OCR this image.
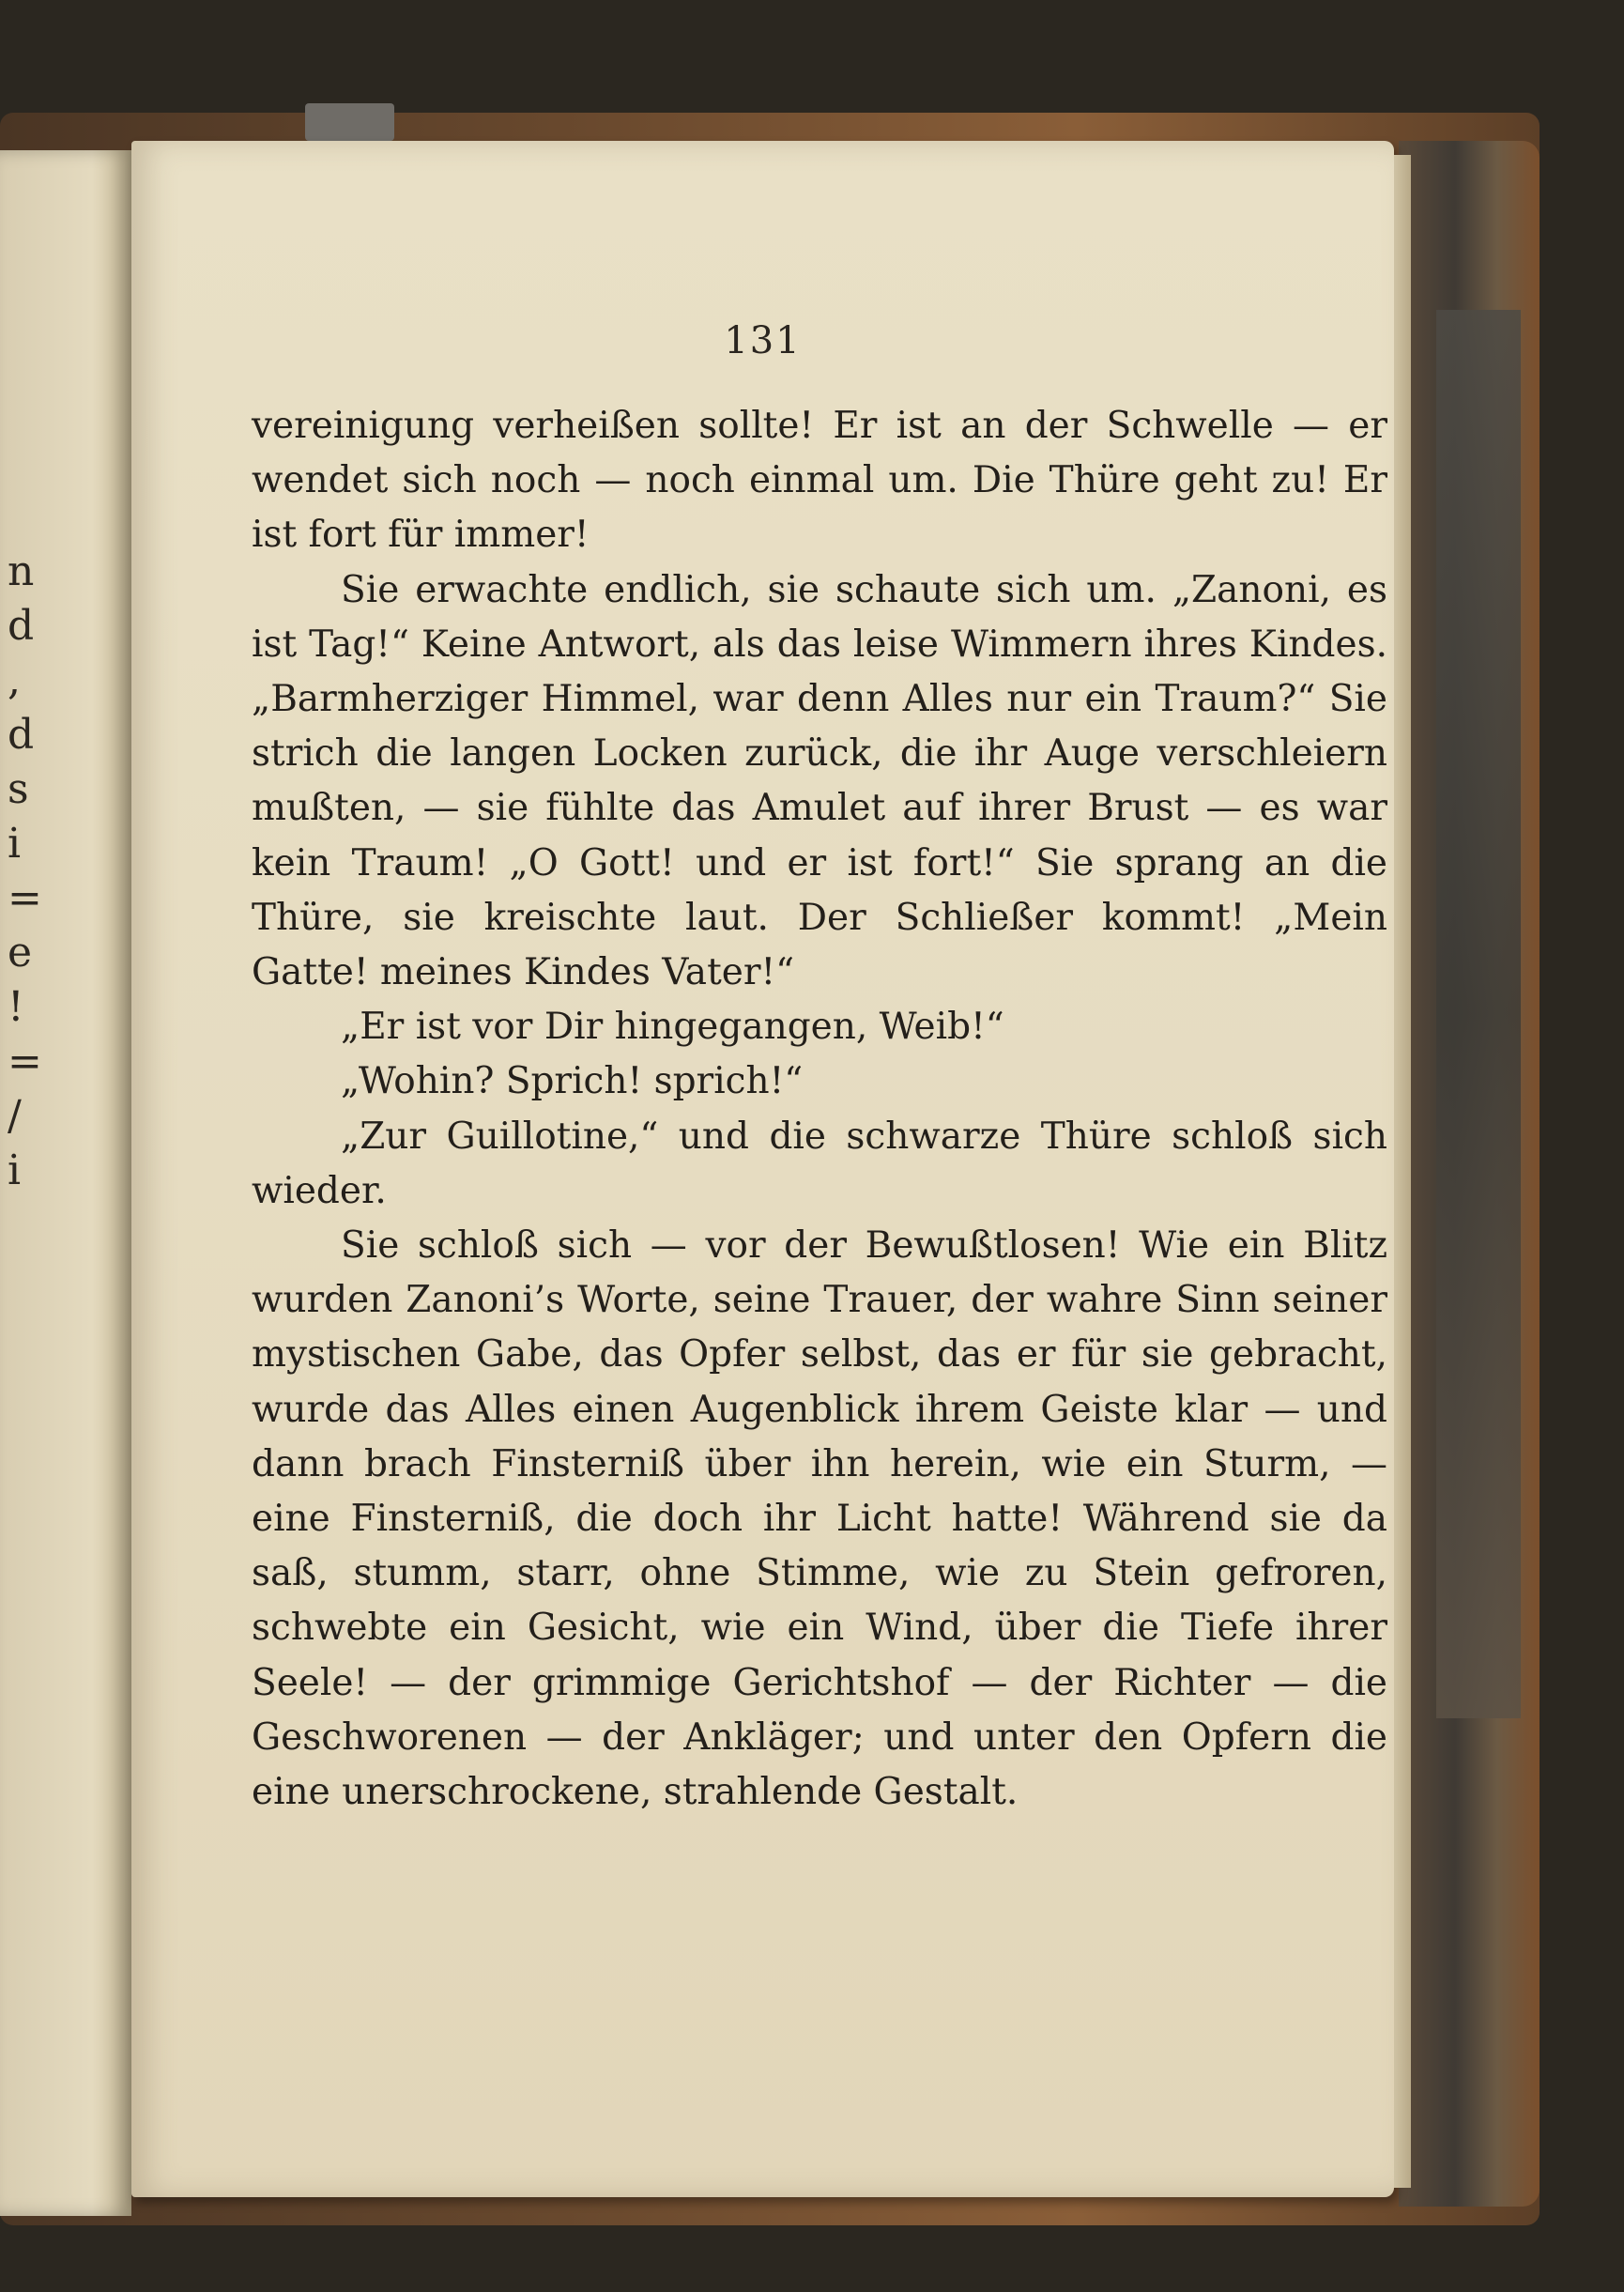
n
d
,
d
s
i
=
e
!
=
/
i
131

vereinigung verheißen sollte! Er ist an der Schwelle — er wendet sich noch — noch einmal um. Die Thüre geht zu! Er ist fort für immer!

Sie erwachte endlich, sie schaute sich um. „Zanoni, es ist Tag!“ Keine Antwort, als das leise Wimmern ihres Kindes. „Barmherziger Himmel, war denn Alles nur ein Traum?“ Sie strich die langen Locken zurück, die ihr Auge verschleiern mußten, — sie fühlte das Amulet auf ihrer Brust — es war kein Traum! „O Gott! und er ist fort!“ Sie sprang an die Thüre, sie kreischte laut. Der Schließer kommt! „Mein Gatte! meines Kindes Vater!“

„Er ist vor Dir hingegangen, Weib!“

„Wohin? Sprich! sprich!“

„Zur Guillotine,“ und die schwarze Thüre schloß sich wieder.

Sie schloß sich — vor der Bewußtlosen! Wie ein Blitz wurden Zanoni’s Worte, seine Trauer, der wahre Sinn seiner mystischen Gabe, das Opfer selbst, das er für sie gebracht, wurde das Alles einen Augenblick ihrem Geiste klar — und dann brach Finsterniß über ihn herein, wie ein Sturm, — eine Finsterniß, die doch ihr Licht hatte! Während sie da saß, stumm, starr, ohne Stimme, wie zu Stein gefroren, schwebte ein Gesicht, wie ein Wind, über die Tiefe ihrer Seele! — der grimmige Gerichtshof — der Richter — die Geschworenen — der Ankläger; und unter den Opfern die eine unerschrockene, strahlende Gestalt.
